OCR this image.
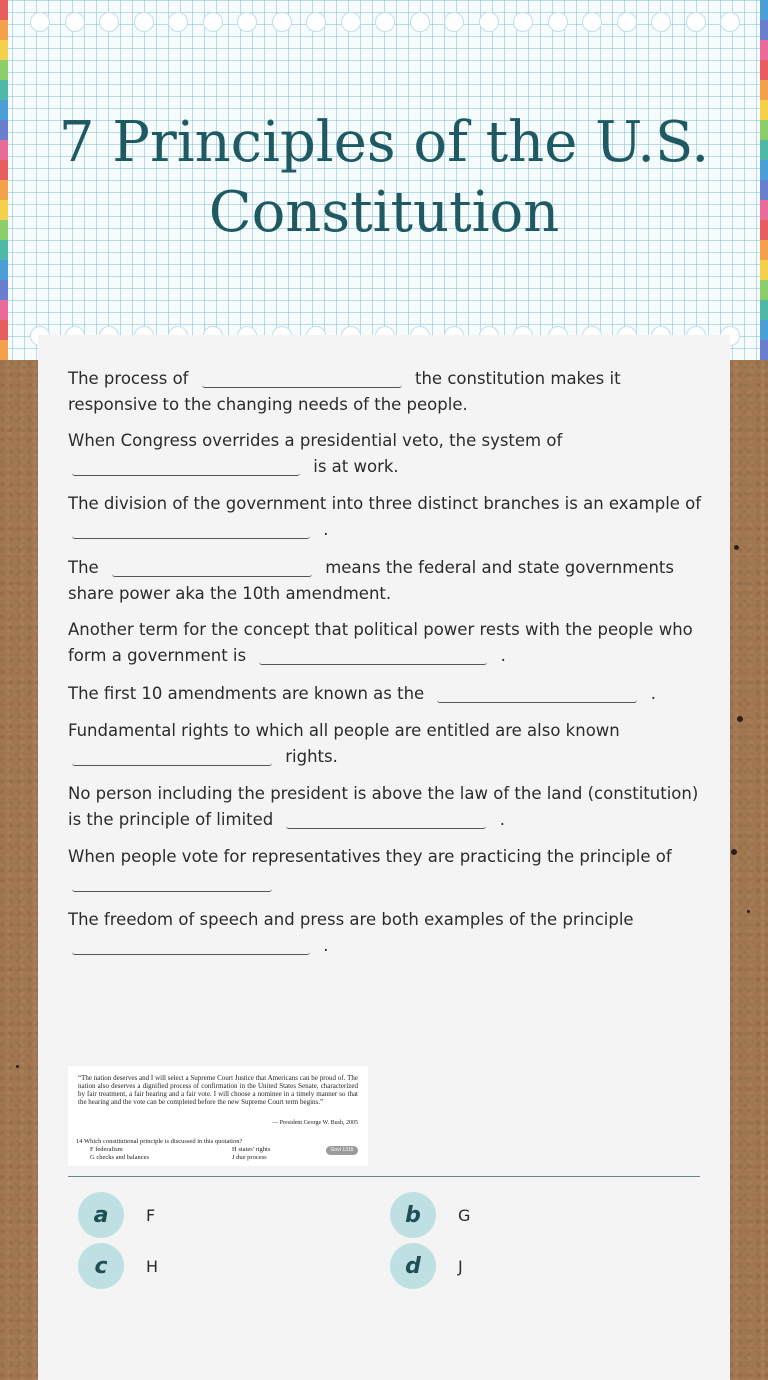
7 Principles of the U.S. Constitution
The process of	the constitution makes it
responsive to the changing needs of the people.
When Congress overrides a presidential veto, the system of
is at work.
The division of the government into three distinct branches is an example of
.
The	means the federal and state governments
share power aka the 10th amendment.
Another term for the concept that political power rests with the people who
form a government is	.
The first 10 amendments are known as the	.
Fundamental rights to which all people are entitled are also known
rights.
No person including the president is above the law of the land (constitution)
is the principle of limited	.
When people vote for representatives they are practicing the principle of

The freedom of speech and press are both examples of the principle
.
“The nation deserves and I will select a Supreme Court Justice that Americans can be proud of. The nation also deserves a dignified process of confirmation in the United States Senate, characterized by fair treatment, a fair hearing and a fair vote. I will choose a nominee in a timely manner so that the hearing and the vote can be completed before the new Supreme Court term begins.”
— President George W. Bush, 2005
14 Which constitutional principle is discussed in this quotation?
F federalism
G checks and balances
H states' rights
J due process
Govt 1315
a	F	b	G
c	H	d	J
